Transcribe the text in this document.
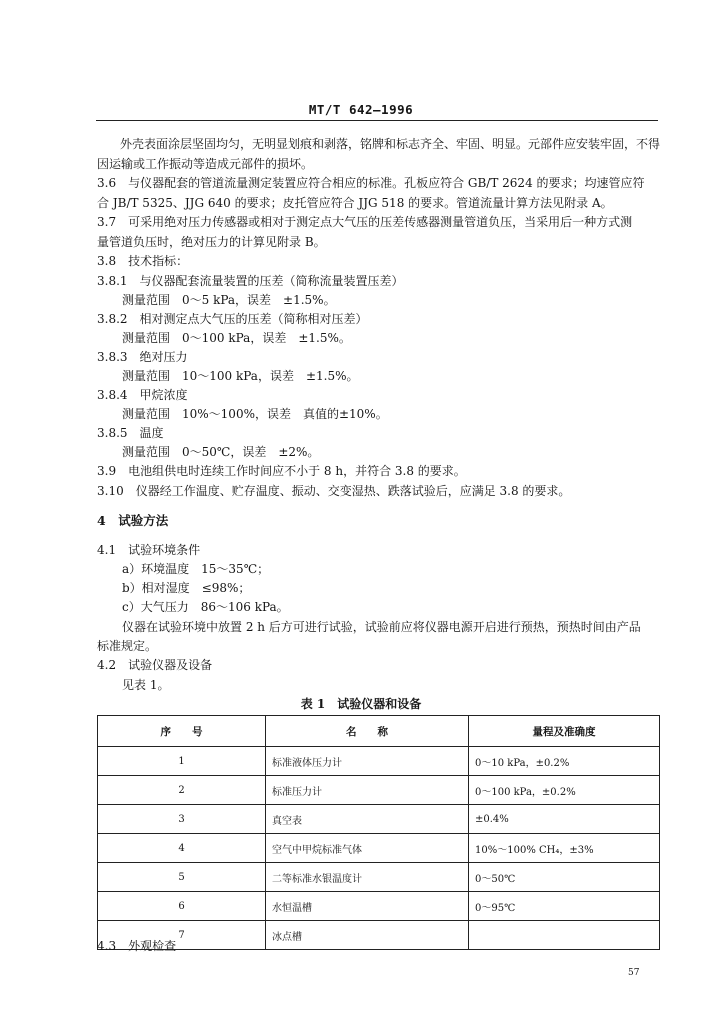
MT/T 642—1996
外壳表面涂层坚固均匀，无明显划痕和剥落，铭牌和标志齐全、牢固、明显。元部件应安装牢固，不得
因运输或工作振动等造成元部件的损坏。
3.6　与仪器配套的管道流量测定装置应符合相应的标准。孔板应符合 GB/T 2624 的要求；均速管应符
合 JB/T 5325、JJG 640 的要求；皮托管应符合 JJG 518 的要求。管道流量计算方法见附录 A。
3.7　可采用绝对压力传感器或相对于测定点大气压的压差传感器测量管道负压，当采用后一种方式测
量管道负压时，绝对压力的计算见附录 B。
3.8　技术指标：
3.8.1　与仪器配套流量装置的压差（简称流量装置压差）
测量范围　0～5 kPa，误差　±1.5%。
3.8.2　相对测定点大气压的压差（简称相对压差）
测量范围　0～100 kPa，误差　±1.5%。
3.8.3　绝对压力
测量范围　10～100 kPa，误差　±1.5%。
3.8.4　甲烷浓度
测量范围　10%～100%，误差　真值的±10%。
3.8.5　温度
测量范围　0～50℃，误差　±2%。
3.9　电池组供电时连续工作时间应不小于 8 h，并符合 3.8 的要求。
3.10　仪器经工作温度、贮存温度、振动、交变湿热、跌落试验后，应满足 3.8 的要求。
4　试验方法
4.1　试验环境条件
a）环境温度　15～35℃；
b）相对湿度　≤98%；
c）大气压力　86～106 kPa。
仪器在试验环境中放置 2 h 后方可进行试验，试验前应将仪器电源开启进行预热，预热时间由产品
标准规定。
4.2　试验仪器及设备
见表 1。
表 1　试验仪器和设备
序　　号	名　　称	量程及准确度
1	标准液体压力计	0～10 kPa，±0.2%
2	标准压力计	0～100 kPa，±0.2%
3	真空表	±0.4%
4	空气中甲烷标准气体	10%～100% CH₄，±3%
5	二等标准水银温度计	0～50℃
6	水恒温槽	0～95℃
7	冰点槽	
4.3　外观检查
57
